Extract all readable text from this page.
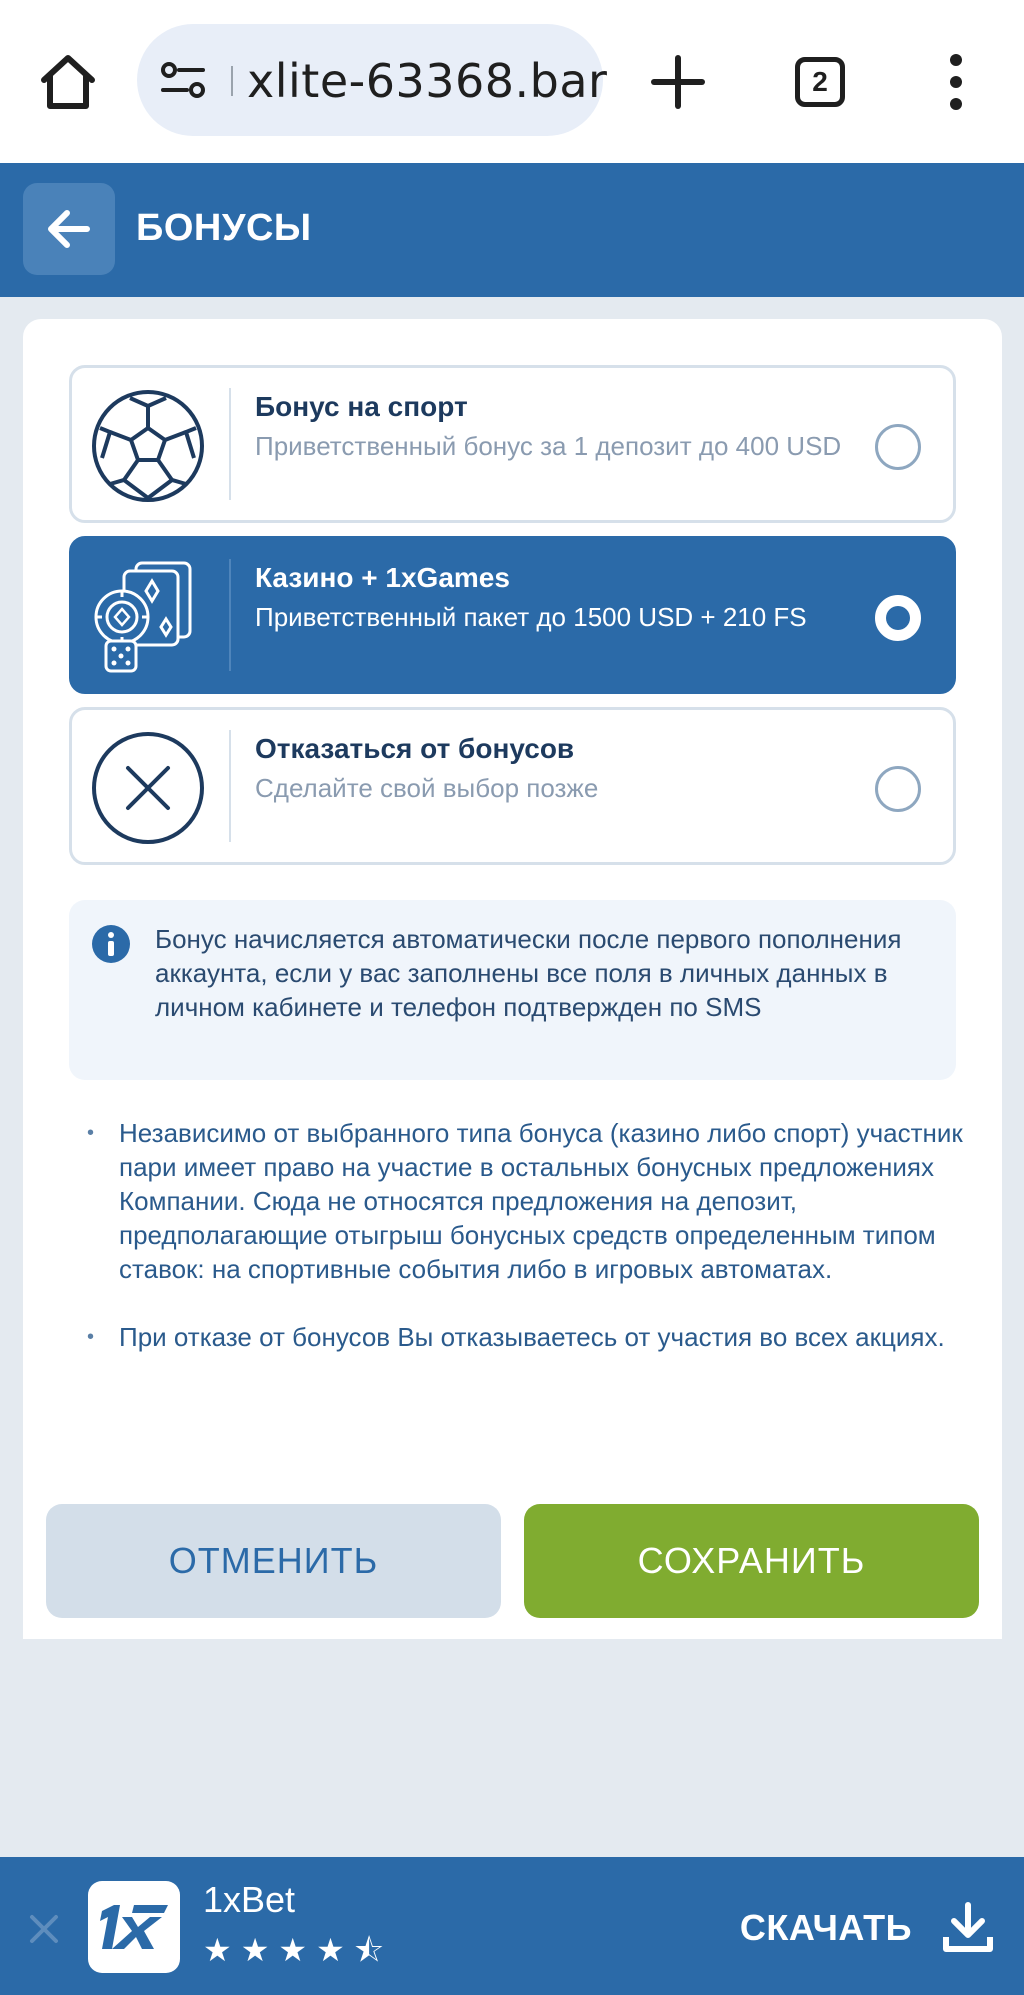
xlite-63368.bar	2
БОНУСЫ
Бонус на спорт
Приветственный бонус за 1 депозит до 400 USD
Казино + 1xGames
Приветственный пакет до 1500 USD + 210 FS
Отказаться от бонусов
Сделайте свой выбор позже
Бонус начисляется автоматически после первого пополнения аккаунта, если у вас заполнены все поля в личных данных в личном кабинете и телефон подтвержден по SMS
• Независимо от выбранного типа бонуса (казино либо спорт) участник пари имеет право на участие в остальных бонусных предложениях Компании. Сюда не относятся предложения на депозит, предполагающие отыгрыш бонусных средств определенным типом ставок: на спортивные события либо в игровых автоматах.
• При отказе от бонусов Вы отказываетесь от участия во всех акциях.
ОТМЕНИТЬ	СОХРАНИТЬ
1xBet
★ ★ ★ ★ ⯪
СКАЧАТЬ
